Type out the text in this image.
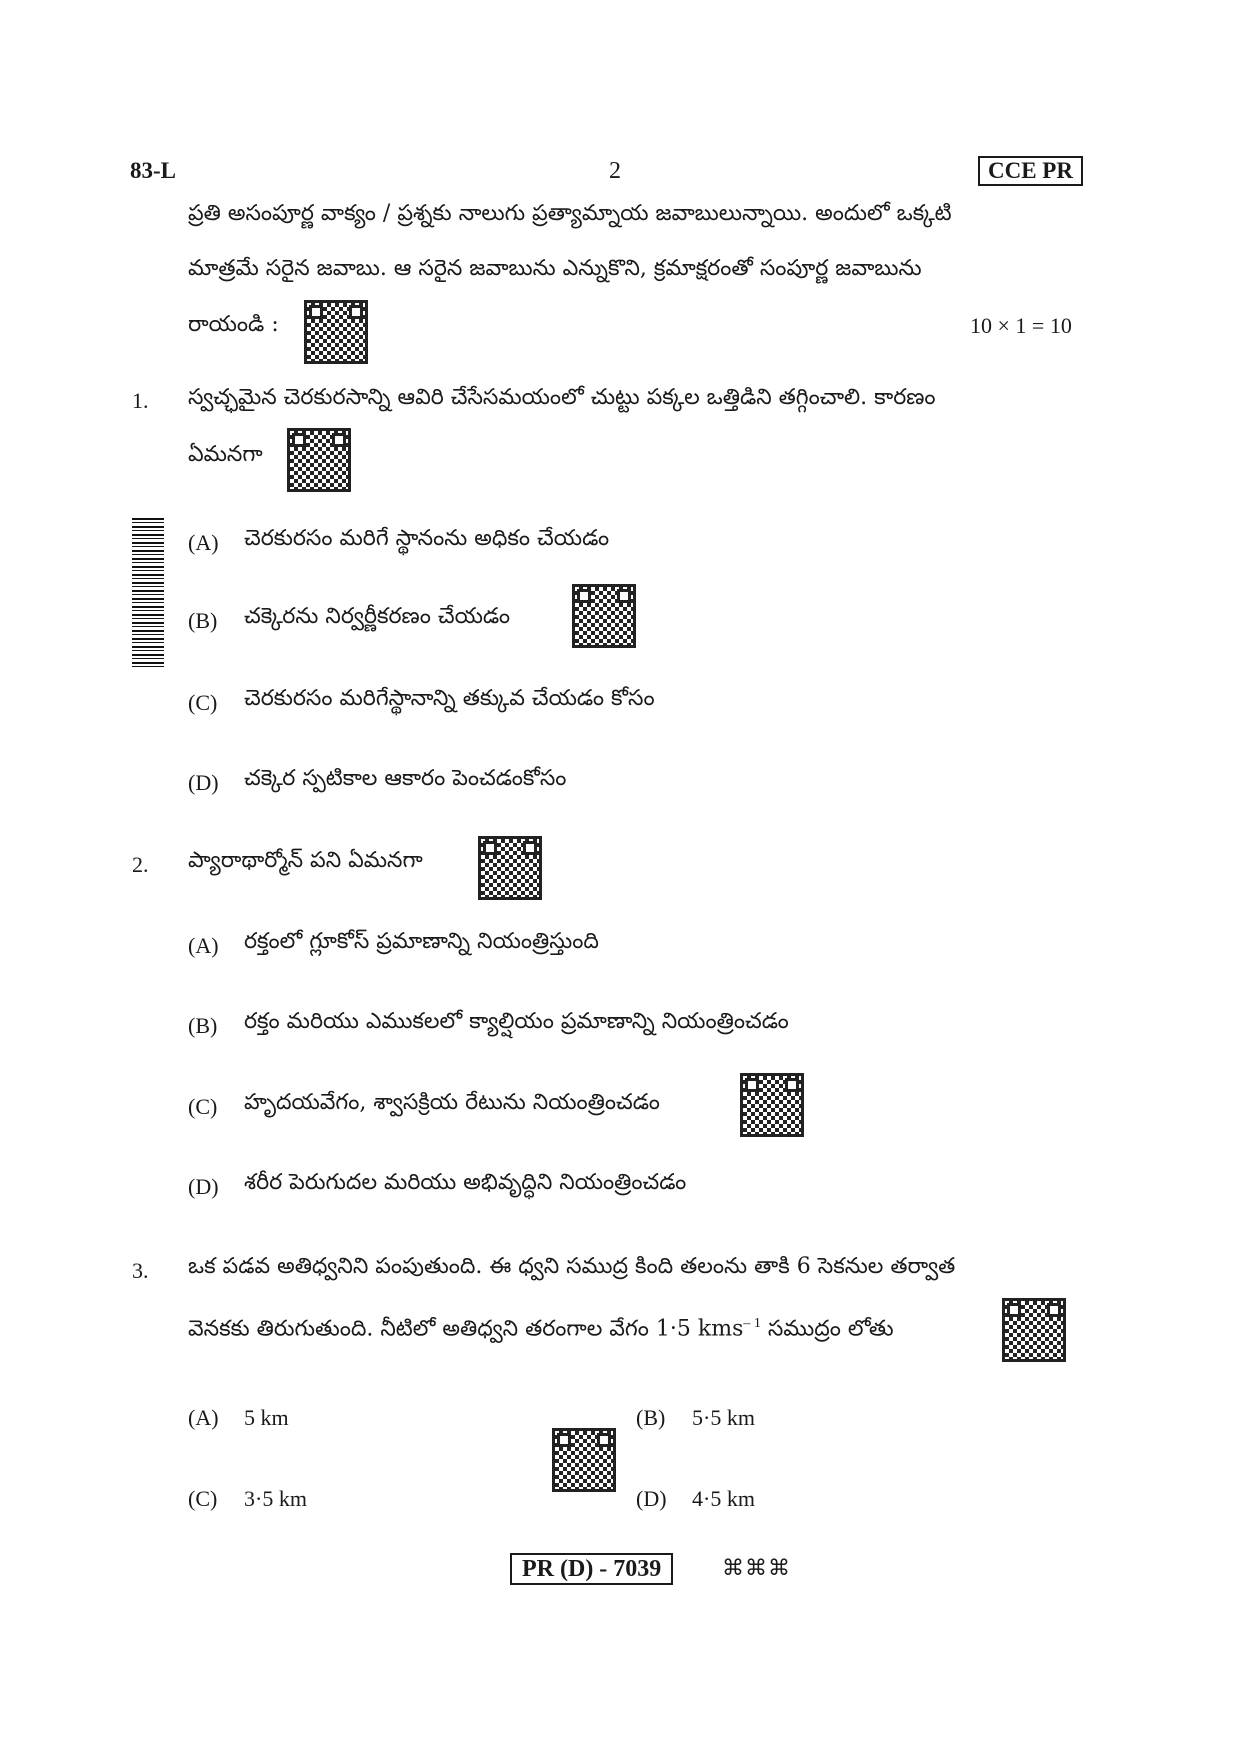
83-L	2	CCE PR
ప్రతి అసంపూర్ణ వాక్యం / ప్రశ్నకు నాలుగు ప్రత్యామ్నాయ జవాబులున్నాయి. అందులో ఒక్కటి
మాత్రమే సరైన జవాబు. ఆ సరైన జవాబును ఎన్నుకొని, క్రమాక్షరంతో సంపూర్ణ జవాబును
రాయండి :	10 × 1 = 10
1. స్వచ్ఛమైన చెరకురసాన్ని ఆవిరి చేసేసమయంలో చుట్టు పక్కల ఒత్తిడిని తగ్గించాలి. కారణం
ఏమనగా
(A) చెరకురసం మరిగే స్థానంను అధికం చేయడం
(B) చక్కెరను నిర్వర్ణీకరణం చేయడం
(C) చెరకురసం మరిగేస్థానాన్ని తక్కువ చేయడం కోసం
(D) చక్కెర స్పటికాల ఆకారం పెంచడంకోసం
2. ప్యారాథార్మోన్ పని ఏమనగా
(A) రక్తంలో గ్లూకోస్ ప్రమాణాన్ని నియంత్రిస్తుంది
(B) రక్తం మరియు ఎముకలలో క్యాల్షియం ప్రమాణాన్ని నియంత్రించడం
(C) హృదయవేగం, శ్వాసక్రియ రేటును నియంత్రించడం
(D) శరీర పెరుగుదల మరియు అభివృద్ధిని నియంత్రించడం
3. ఒక పడవ అతిధ్వనిని పంపుతుంది. ఈ ధ్వని సముద్ర కింది తలంను తాకి 6 సెకనుల తర్వాత
వెనకకు తిరుగుతుంది. నీటిలో అతిధ్వని తరంగాల వేగం 1·5 kms$^{- 1}$ సముద్రం లోతు
(A) 5 km	(B) 5·5 km
(C) 3·5 km	(D) 4·5 km
PR (D) - 7039	⌘⌘⌘
